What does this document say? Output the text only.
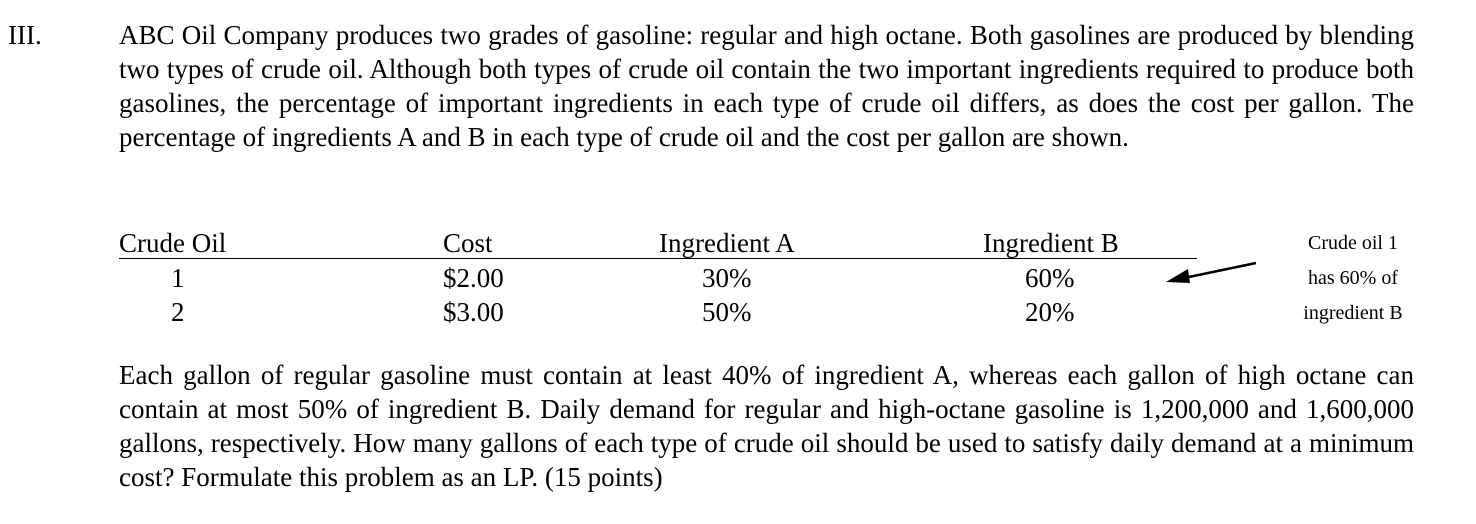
III.	ABC Oil Company produces two grades of gasoline: regular and high octane. Both gasolines are produced by blending two types of crude oil. Although both types of crude oil contain the two important ingredients required to produce both gasolines, the percentage of important ingredients in each type of crude oil differs, as does the cost per gallon. The percentage of ingredients A and B in each type of crude oil and the cost per gallon are shown.

Crude Oil	Cost	Ingredient A	Ingredient B
1	$2.00	30%	60%
2	$3.00	50%	20%
Crude oil 1
has 60% of
ingredient B

Each gallon of regular gasoline must contain at least 40% of ingredient A, whereas each gallon of high octane can contain at most 50% of ingredient B. Daily demand for regular and high-octane gasoline is 1,200,000 and 1,600,000 gallons, respectively. How many gallons of each type of crude oil should be used to satisfy daily demand at a minimum cost? Formulate this problem as an LP. (15 points)
